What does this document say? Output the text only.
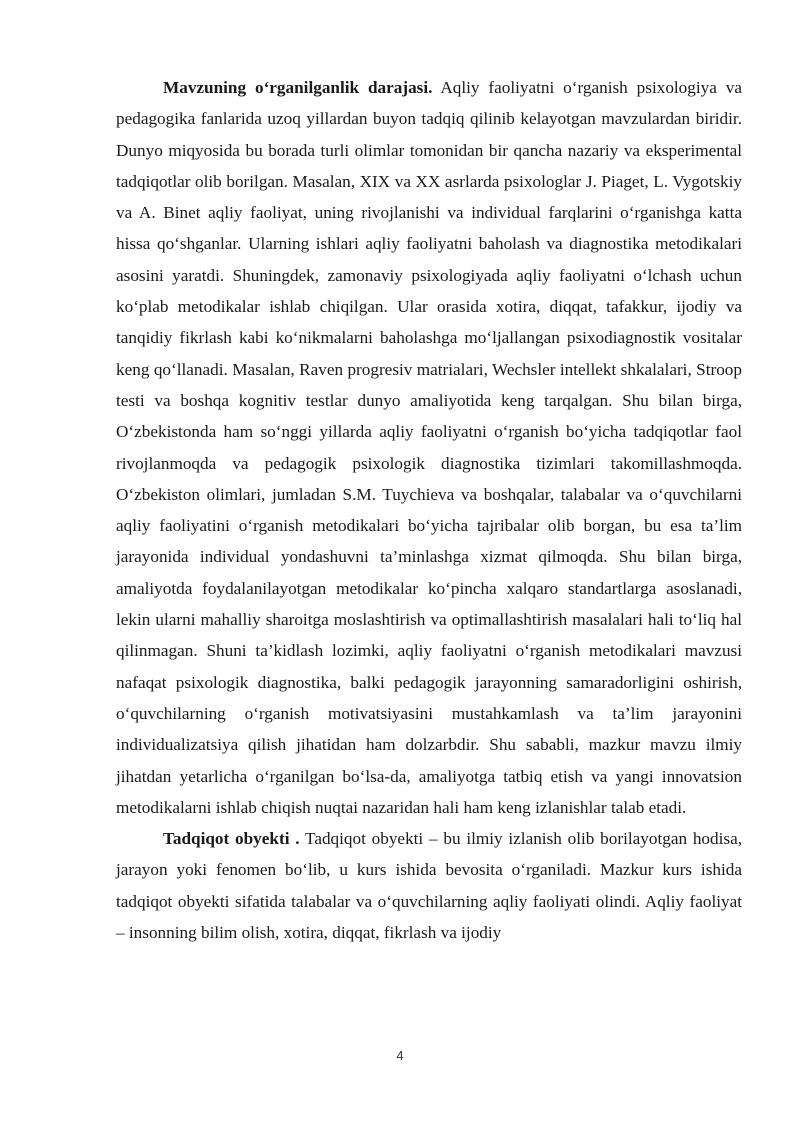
Mavzuning o‘rganilganlik darajasi. Aqliy faoliyatni o‘rganish psixologiya va pedagogika fanlarida uzoq yillardan buyon tadqiq qilinib kelayotgan mavzulardan biridir. Dunyo miqyosida bu borada turli olimlar tomonidan bir qancha nazariy va eksperimental tadqiqotlar olib borilgan. Masalan, XIX va XX asrlarda psixologlar J. Piaget, L. Vygotskiy va A. Binet aqliy faoliyat, uning rivojlanishi va individual farqlarini o‘rganishga katta hissa qo‘shganlar. Ularning ishlari aqliy faoliyatni baholash va diagnostika metodikalari asosini yaratdi. Shuningdek, zamonaviy psixologiyada aqliy faoliyatni o‘lchash uchun ko‘plab metodikalar ishlab chiqilgan. Ular orasida xotira, diqqat, tafakkur, ijodiy va tanqidiy fikrlash kabi ko‘nikmalarni baholashga mo‘ljallangan psixodiagnostik vositalar keng qo‘llanadi. Masalan, Raven progresiv matrialari, Wechsler intellekt shkalalari, Stroop testi va boshqa kognitiv testlar dunyo amaliyotida keng tarqalgan. Shu bilan birga, O‘zbekistonda ham so‘nggi yillarda aqliy faoliyatni o‘rganish bo‘yicha tadqiqotlar faol rivojlanmoqda va pedagogik psixologik diagnostika tizimlari takomillashmoqda. O‘zbekiston olimlari, jumladan S.M. Tuychieva va boshqalar, talabalar va o‘quvchilarni aqliy faoliyatini o‘rganish metodikalari bo‘yicha tajribalar olib borgan, bu esa ta’lim jarayonida individual yondashuvni ta’minlashga xizmat qilmoqda. Shu bilan birga, amaliyotda foydalanilayotgan metodikalar ko‘pincha xalqaro standartlarga asoslanadi, lekin ularni mahalliy sharoitga moslashtirish va optimallashtirish masalalari hali to‘liq hal qilinmagan. Shuni ta’kidlash lozimki, aqliy faoliyatni o‘rganish metodikalari mavzusi nafaqat psixologik diagnostika, balki pedagogik jarayonning samaradorligini oshirish, o‘quvchilarning o‘rganish motivatsiyasini mustahkamlash va ta’lim jarayonini individualizatsiya qilish jihatidan ham dolzarbdir. Shu sababli, mazkur mavzu ilmiy jihatdan yetarlicha o‘rganilgan bo‘lsa-da, amaliyotga tatbiq etish va yangi innovatsion metodikalarni ishlab chiqish nuqtai nazaridan hali ham keng izlanishlar talab etadi.

Tadqiqot obyekti . Tadqiqot obyekti – bu ilmiy izlanish olib borilayotgan hodisa, jarayon yoki fenomen bo‘lib, u kurs ishida bevosita o‘rganiladi. Mazkur kurs ishida tadqiqot obyekti sifatida talabalar va o‘quvchilarning aqliy faoliyati olindi. Aqliy faoliyat – insonning bilim olish, xotira, diqqat, fikrlash va ijodiy

4
